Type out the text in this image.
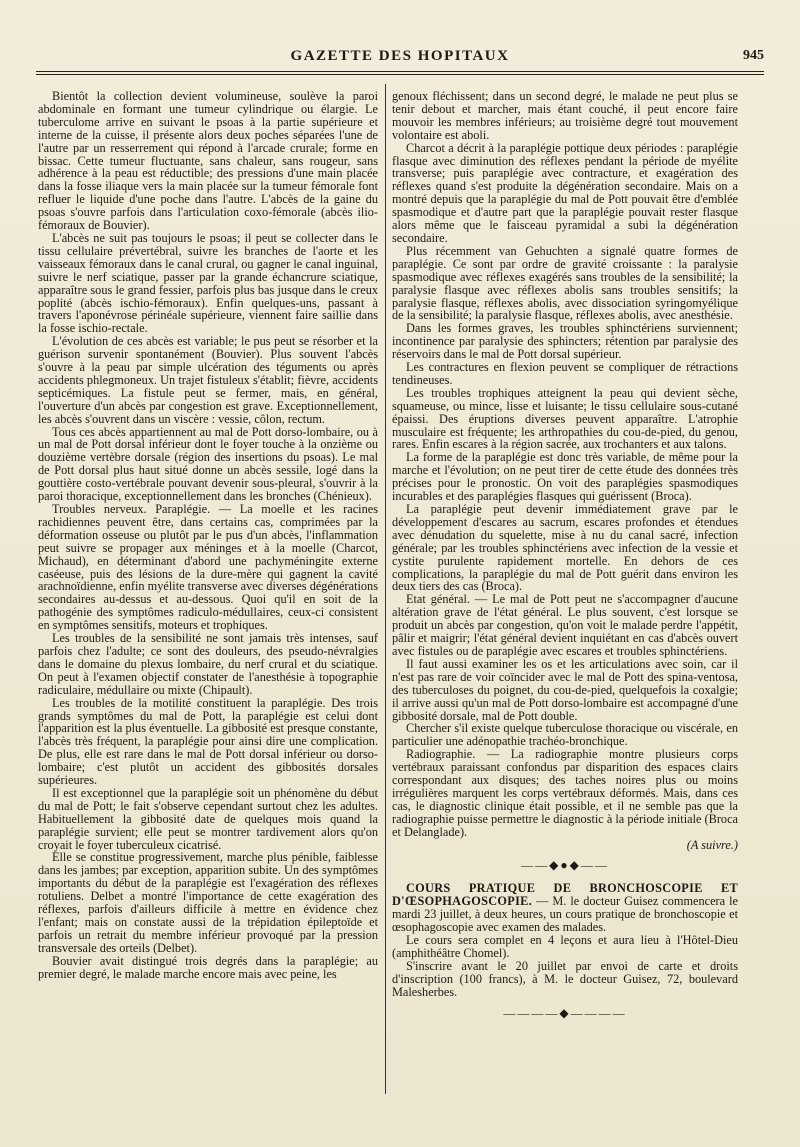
GAZETTE DES HOPITAUX	945

Bientôt la collection devient volumineuse, soulève la paroi abdominale en formant une tumeur cylindrique ou élargie. Le tuberculome arrive en suivant le psoas à la partie supérieure et interne de la cuisse, il présente alors deux poches séparées l'une de l'autre par un resserrement qui répond à l'arcade crurale; forme en bissac. Cette tumeur fluctuante, sans chaleur, sans rougeur, sans adhérence à la peau est réductible; des pressions d'une main placée dans la fosse iliaque vers la main placée sur la tumeur fémorale font refluer le liquide d'une poche dans l'autre. L'abcès de la gaine du psoas s'ouvre parfois dans l'articulation coxo-fémorale (abcès ilio-fémoraux de Bouvier).

L'abcès ne suit pas toujours le psoas; il peut se collecter dans le tissu cellulaire prévertébral, suivre les branches de l'aorte et les vaisseaux fémoraux dans le canal crural, ou gagner le canal inguinal, suivre le nerf sciatique, passer par la grande échancrure sciatique, apparaître sous le grand fessier, parfois plus bas jusque dans le creux poplité (abcès ischio-fémoraux). Enfin quelques-uns, passant à travers l'aponévrose périnéale supérieure, viennent faire saillie dans la fosse ischio-rectale.

L'évolution de ces abcès est variable; le pus peut se résorber et la guérison survenir spontanément (Bouvier). Plus souvent l'abcès s'ouvre à la peau par simple ulcération des téguments ou après accidents phlegmoneux. Un trajet fistuleux s'établit; fièvre, accidents septicémiques. La fistule peut se fermer, mais, en général, l'ouverture d'un abcès par congestion est grave. Exceptionnellement, les abcès s'ouvrent dans un viscère : vessie, côlon, rectum.

Tous ces abcès appartiennent au mal de Pott dorso-lombaire, ou à un mal de Pott dorsal inférieur dont le foyer touche à la onzième ou douzième vertèbre dorsale (région des insertions du psoas). Le mal de Pott dorsal plus haut situé donne un abcès sessile, logé dans la gouttière costo-vertébrale pouvant devenir sous-pleural, s'ouvrir à la paroi thoracique, exceptionnellement dans les bronches (Chénieux).

Troubles nerveux. Paraplégie. — La moelle et les racines rachidiennes peuvent être, dans certains cas, comprimées par la déformation osseuse ou plutôt par le pus d'un abcès, l'inflammation peut suivre se propager aux méninges et à la moelle (Charcot, Michaud), en déterminant d'abord une pachyméningite externe caséeuse, puis des lésions de la dure-mère qui gagnent la cavité arachnoïdienne, enfin myélite transverse avec diverses dégénérations secondaires au-dessus et au-dessous. Quoi qu'il en soit de la pathogénie des symptômes radiculo-médullaires, ceux-ci consistent en symptômes sensitifs, moteurs et trophiques.

Les troubles de la sensibilité ne sont jamais très intenses, sauf parfois chez l'adulte; ce sont des douleurs, des pseudo-névralgies dans le domaine du plexus lombaire, du nerf crural et du sciatique. On peut à l'examen objectif constater de l'anesthésie à topographie radiculaire, médullaire ou mixte (Chipault).

Les troubles de la motilité constituent la paraplégie. Des trois grands symptômes du mal de Pott, la paraplégie est celui dont l'apparition est la plus éventuelle. La gibbosité est presque constante, l'abcès très fréquent, la paraplégie pour ainsi dire une complication. De plus, elle est rare dans le mal de Pott dorsal inférieur ou dorso-lombaire; c'est plutôt un accident des gibbosités dorsales supérieures.

Il est exceptionnel que la paraplégie soit un phénomène du début du mal de Pott; le fait s'observe cependant surtout chez les adultes. Habituellement la gibbosité date de quelques mois quand la paraplégie survient; elle peut se montrer tardivement alors qu'on croyait le foyer tuberculeux cicatrisé.

Elle se constitue progressivement, marche plus pénible, faiblesse dans les jambes; par exception, apparition subite. Un des symptômes importants du début de la paraplégie est l'exagération des réflexes rotuliens. Delbet a montré l'importance de cette exagération des réflexes, parfois d'ailleurs difficile à mettre en évidence chez l'enfant; mais on constate aussi de la trépidation épileptoïde et parfois un retrait du membre inférieur provoqué par la pression transversale des orteils (Delbet).

Bouvier avait distingué trois degrés dans la paraplégie; au premier degré, le malade marche encore mais avec peine, les

genoux fléchissent; dans un second degré, le malade ne peut plus se tenir debout et marcher, mais étant couché, il peut encore faire mouvoir les membres inférieurs; au troisième degré tout mouvement volontaire est aboli.

Charcot a décrit à la paraplégie pottique deux périodes : paraplégie flasque avec diminution des réflexes pendant la période de myélite transverse; puis paraplégie avec contracture, et exagération des réflexes quand s'est produite la dégénération secondaire. Mais on a montré depuis que la paraplégie du mal de Pott pouvait être d'emblée spasmodique et d'autre part que la paraplégie pouvait rester flasque alors même que le faisceau pyramidal a subi la dégénération secondaire.

Plus récemment van Gehuchten a signalé quatre formes de paraplégie. Ce sont par ordre de gravité croissante : la paralysie spasmodique avec réflexes exagérés sans troubles de la sensibilité; la paralysie flasque avec réflexes abolis sans troubles sensitifs; la paralysie flasque, réflexes abolis, avec dissociation syringomyélique de la sensibilité; la paralysie flasque, réflexes abolis, avec anesthésie.

Dans les formes graves, les troubles sphinctériens surviennent; incontinence par paralysie des sphincters; rétention par paralysie des réservoirs dans le mal de Pott dorsal supérieur.

Les contractures en flexion peuvent se compliquer de rétractions tendineuses.

Les troubles trophiques atteignent la peau qui devient sèche, squameuse, ou mince, lisse et luisante; le tissu cellulaire sous-cutané épaissi. Des éruptions diverses peuvent apparaître. L'atrophie musculaire est fréquente; les arthropathies du cou-de-pied, du genou, rares. Enfin escares à la région sacrée, aux trochanters et aux talons.

La forme de la paraplégie est donc très variable, de même pour la marche et l'évolution; on ne peut tirer de cette étude des données très précises pour le pronostic. On voit des paraplégies spasmodiques incurables et des paraplégies flasques qui guérissent (Broca).

La paraplégie peut devenir immédiatement grave par le développement d'escares au sacrum, escares profondes et étendues avec dénudation du squelette, mise à nu du canal sacré, infection générale; par les troubles sphinctériens avec infection de la vessie et cystite purulente rapidement mortelle. En dehors de ces complications, la paraplégie du mal de Pott guérit dans environ les deux tiers des cas (Broca).

Etat général. — Le mal de Pott peut ne s'accompagner d'aucune altération grave de l'état général. Le plus souvent, c'est lorsque se produit un abcès par congestion, qu'on voit le malade perdre l'appétit, pâlir et maigrir; l'état général devient inquiétant en cas d'abcès ouvert avec fistules ou de paraplégie avec escares et troubles sphinctériens.

Il faut aussi examiner les os et les articulations avec soin, car il n'est pas rare de voir coïncider avec le mal de Pott des spina-ventosa, des tuberculoses du poignet, du cou-de-pied, quelquefois la coxalgie; il arrive aussi qu'un mal de Pott dorso-lombaire est accompagné d'une gibbosité dorsale, mal de Pott double.

Chercher s'il existe quelque tuberculose thoracique ou viscérale, en particulier une adénopathie trachéo-bronchique.

Radiographie. — La radiographie montre plusieurs corps vertébraux paraissant confondus par disparition des espaces clairs correspondant aux disques; des taches noires plus ou moins irrégulières marquent les corps vertébraux déformés. Mais, dans ces cas, le diagnostic clinique était possible, et il ne semble pas que la radiographie puisse permettre le diagnostic à la période initiale (Broca et Delanglade).

(A suivre.)
——◆●◆——

COURS PRATIQUE DE BRONCHOSCOPIE ET D'ŒSOPHAGOSCOPIE. — M. le docteur Guisez commencera le mardi 23 juillet, à deux heures, un cours pratique de bronchoscopie et œsophagoscopie avec examen des malades.

Le cours sera complet en 4 leçons et aura lieu à l'Hôtel-Dieu (amphithéâtre Chomel).

S'inscrire avant le 20 juillet par envoi de carte et droits d'inscription (100 francs), à M. le docteur Guisez, 72, boulevard Malesherbes.

————◆————
